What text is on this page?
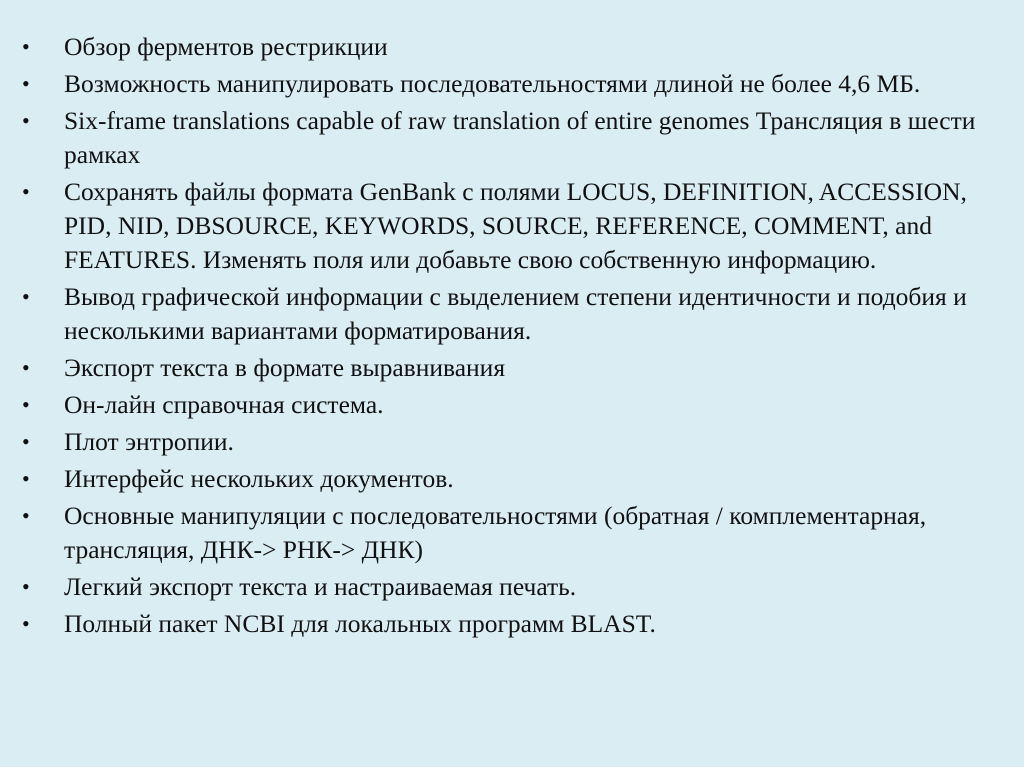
• Обзор ферментов рестрикции
• Возможность манипулировать последовательностями длиной не более 4,6 МБ.
• Six-frame translations capable of raw translation of entire genomes Трансляция в шести рамках
• Сохранять файлы формата GenBank с полями LOCUS, DEFINITION, ACCESSION, PID, NID, DBSOURCE, KEYWORDS, SOURCE, REFERENCE, COMMENT, and FEATURES. Изменять поля или добавьте свою собственную информацию.
• Вывод графической информации с выделением степени идентичности и подобия и несколькими вариантами форматирования.
• Экспорт текста в формате выравнивания
• Он-лайн справочная система.
• Плот энтропии.
• Интерфейс нескольких документов.
• Основные манипуляции с последовательностями (обратная / комплементарная, трансляция, ДНК-> РНК-> ДНК)
• Легкий экспорт текста и настраиваемая печать.
• Полный пакет NCBI для локальных программ BLAST.
